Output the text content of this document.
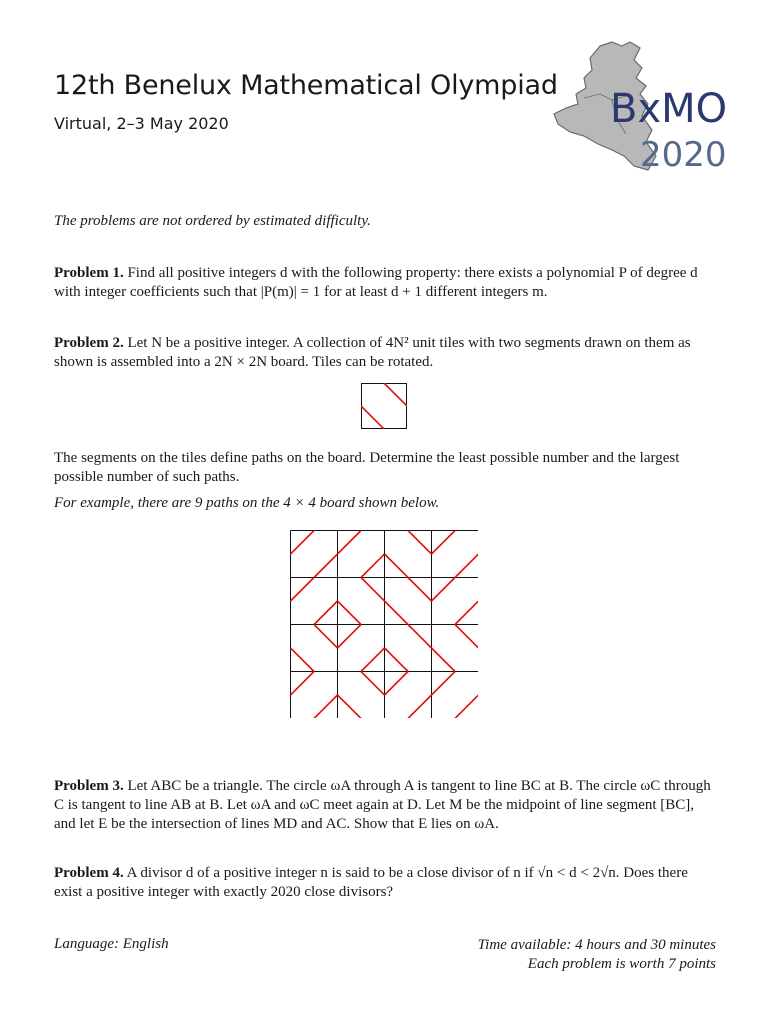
12th Benelux Mathematical Olympiad
Virtual, 2–3 May 2020	BxMO
2020
The problems are not ordered by estimated difficulty.
Problem 1. Find all positive integers d with the following property: there exists a polynomial P of degree d with integer coefficients such that |P(m)| = 1 for at least d + 1 different integers m.
Problem 2. Let N be a positive integer. A collection of 4N² unit tiles with two segments drawn on them as shown is assembled into a 2N × 2N board. Tiles can be rotated.
The segments on the tiles define paths on the board. Determine the least possible number and the largest possible number of such paths.
For example, there are 9 paths on the 4 × 4 board shown below.
Problem 3. Let ABC be a triangle. The circle ωA through A is tangent to line BC at B. The circle ωC through C is tangent to line AB at B. Let ωA and ωC meet again at D. Let M be the midpoint of line segment [BC], and let E be the intersection of lines MD and AC. Show that E lies on ωA.
Problem 4. A divisor d of a positive integer n is said to be a close divisor of n if √n < d < 2√n. Does there exist a positive integer with exactly 2020 close divisors?
Language: English	Time available: 4 hours and 30 minutes
Each problem is worth 7 points
